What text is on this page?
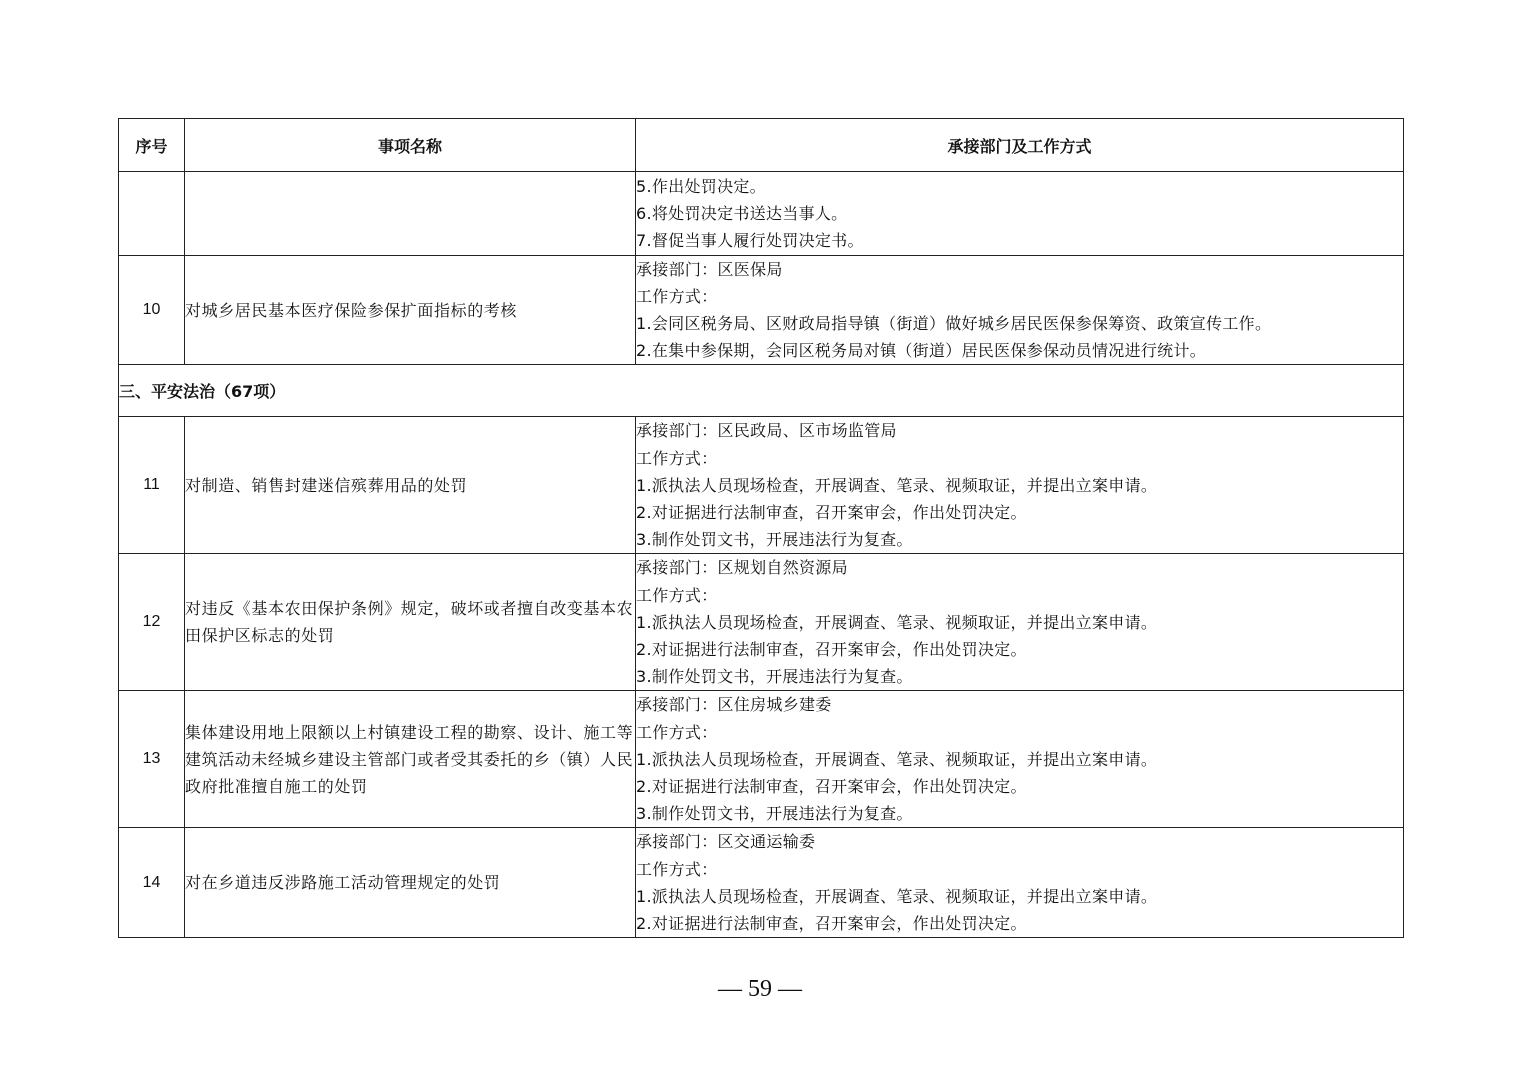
序号	事项名称	承接部门及工作方式

		5.作出处罚决定。
6.将处罚决定书送达当事人。
7.督促当事人履行处罚决定书。

10	对城乡居民基本医疗保险参保扩面指标的考核	承接部门：区医保局
工作方式：
1.会同区税务局、区财政局指导镇（街道）做好城乡居民医保参保筹资、政策宣传工作。
2.在集中参保期，会同区税务局对镇（街道）居民医保参保动员情况进行统计。

三、平安法治（67项）		
11	对制造、销售封建迷信殡葬用品的处罚	承接部门：区民政局、区市场监管局
工作方式：
1.派执法人员现场检查，开展调查、笔录、视频取证，并提出立案申请。
2.对证据进行法制审查，召开案审会，作出处罚决定。
3.制作处罚文书，开展违法行为复查。

12	对违反《基本农田保护条例》规定，破坏或者擅自改变基本农田保护区标志的处罚	承接部门：区规划自然资源局
工作方式：
1.派执法人员现场检查，开展调查、笔录、视频取证，并提出立案申请。
2.对证据进行法制审查，召开案审会，作出处罚决定。
3.制作处罚文书，开展违法行为复查。

13	集体建设用地上限额以上村镇建设工程的勘察、设计、施工等建筑活动未经城乡建设主管部门或者受其委托的乡（镇）人民政府批准擅自施工的处罚	承接部门：区住房城乡建委
工作方式：
1.派执法人员现场检查，开展调查、笔录、视频取证，并提出立案申请。
2.对证据进行法制审查，召开案审会，作出处罚决定。
3.制作处罚文书，开展违法行为复查。

14	对在乡道违反涉路施工活动管理规定的处罚	承接部门：区交通运输委
工作方式：
1.派执法人员现场检查，开展调查、笔录、视频取证，并提出立案申请。
2.对证据进行法制审查，召开案审会，作出处罚决定。
— 59 —
